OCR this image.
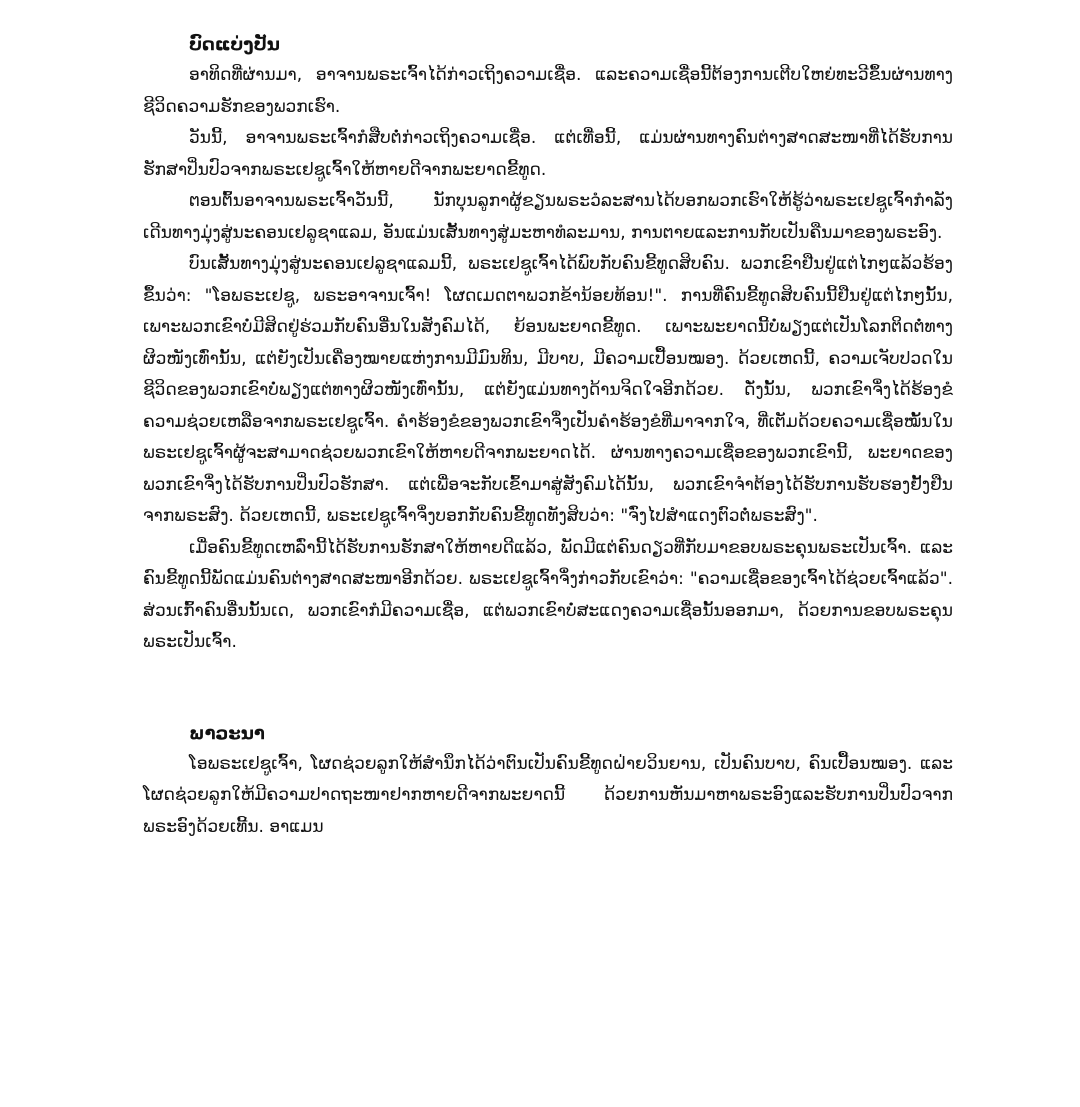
ບົດແບ່ງປັນ

ອາທິດທີ່ຜ່ານມາ, ອາຈານພຣະເຈົ້າໄດ້ກ່າວເຖິງຄວາມເຊື່ອ. ແລະຄວາມເຊື່ອນີ້ຕ້ອງການເຕີບໃຫຍ່ທະວີຂຶ້ນຜ່ານທາງຊີວິດຄວາມຮັກຂອງພວກເຮົາ.

ວັນນີ້, ອາຈານພຣະເຈົ້າກໍສືບຕໍ່ກ່າວເຖິງຄວາມເຊື່ອ. ແຕ່ເທື່ອນີ້, ແມ່ນຜ່ານທາງຄົນຕ່າງສາດສະໜາທີ່ໄດ້ຮັບການຮັກສາປິ່ນປົວຈາກພຣະເຢຊູເຈົ້າໃຫ້ຫາຍດີຈາກພະຍາດຂີ້ທູດ.

ຕອນຕົ້ນອາຈານພຣະເຈົ້າວັນນີ້, ນັກບຸນລູກາຜູ້ຂຽນພຣະວໍລະສານໄດ້ບອກພວກເຮົາໃຫ້ຮູ້ວ່າພຣະເຢຊູເຈົ້າກຳລັງເດີນທາງມຸ່ງສູ່ນະຄອນເຢລູຊາແລມ, ອັນແມ່ນເສັ້ນທາງສູ່ມະຫາທໍລະມານ, ການຕາຍແລະການກັບເປັນຄືນມາຂອງພຣະອົງ.

ບົນເສັ້ນທາງມຸ່ງສູ່ນະຄອນເຢລູຊາແລມນີ້, ພຣະເຢຊູເຈົ້າໄດ້ພົບກັບຄົນຂີ້ທູດສິບຄົນ. ພວກເຂົາຢືນຢູ່ແຕ່ໄກໆແລ້ວຮ້ອງຂຶ້ນວ່າ: "ໂອພຣະເຢຊູ, ພຣະອາຈານເຈົ້າ! ໂຜດເມດຕາພວກຂ້ານ້ອຍທ້ອນ!". ການທີ່ຄົນຂີ້ທູດສິບຄົນນີ້ຢືນຢູ່ແຕ່ໄກໆນັ້ນ, ເພາະພວກເຂົາບໍ່ມີສິດຢູ່ຮ່ວມກັບຄົນອື່ນໃນສັງຄົມໄດ້, ຍ້ອນພະຍາດຂີ້ທູດ. ເພາະພະຍາດນີ້ບໍ່ພຽງແຕ່ເປັນໂລກຕິດຕໍ່ທາງຜິວໜັງເທົ່ານັ້ນ, ແຕ່ຍັງເປັນເຄື່ອງໝາຍແຫ່ງການມີມົນທິນ, ມີບາບ, ມີຄວາມເປື້ອນໝອງ. ດ້ວຍເຫດນີ້, ຄວາມເຈັບປວດໃນຊີວິດຂອງພວກເຂົາບໍ່ພຽງແຕ່ທາງຜິວໜັງເທົ່ານັ້ນ, ແຕ່ຍັງແມ່ນທາງດ້ານຈິດໃຈອີກດ້ວຍ. ດັ່ງນັ້ນ, ພວກເຂົາຈຶ່ງໄດ້ຮ້ອງຂໍຄວາມຊ່ວຍເຫລືອຈາກພຣະເຢຊູເຈົ້າ. ຄຳຮ້ອງຂໍຂອງພວກເຂົາຈຶ່ງເປັນຄຳຮ້ອງຂໍທີ່ມາຈາກໃຈ, ທີ່ເຕັມດ້ວຍຄວາມເຊື່ອໝັ້ນໃນພຣະເຢຊູເຈົ້າຜູ້ຈະສາມາດຊ່ວຍພວກເຂົາໃຫ້ຫາຍດີຈາກພະຍາດໄດ້. ຜ່ານທາງຄວາມເຊື່ອຂອງພວກເຂົານີ້, ພະຍາດຂອງພວກເຂົາຈຶ່ງໄດ້ຮັບການປິ່ນປົວຮັກສາ. ແຕ່ເພື່ອຈະກັບເຂົ້າມາສູ່ສັງຄົມໄດ້ນັ້ນ, ພວກເຂົາຈຳຕ້ອງໄດ້ຮັບການຮັບຮອງຢັ້ງຢືນຈາກພຣະສົງ. ດ້ວຍເຫດນີ້, ພຣະເຢຊູເຈົ້າຈຶ່ງບອກກັບຄົນຂີ້ທູດທັງສິບວ່າ: "ຈົ່ງໄປສຳແດງຕົວຕໍ່ພຣະສົງ".

ເມື່ອຄົນຂີ້ທູດເຫລົ່ານີ້ໄດ້ຮັບການຮັກສາໃຫ້ຫາຍດີແລ້ວ, ພັດມີແຕ່ຄົນດຽວທີ່ກັບມາຂອບພຣະຄຸນພຣະເປັນເຈົ້າ. ແລະຄົນຂີ້ທູດນີ້ພັດແມ່ນຄົນຕ່າງສາດສະໜາອີກດ້ວຍ. ພຣະເຢຊູເຈົ້າຈຶ່ງກ່າວກັບເຂົາວ່າ: "ຄວາມເຊື່ອຂອງເຈົ້າໄດ້ຊ່ວຍເຈົ້າແລ້ວ". ສ່ວນເກົ້າຄົນອື່ນນັ້ນເດ, ພວກເຂົາກໍມີຄວາມເຊື່ອ, ແຕ່ພວກເຂົາບໍ່ສະແດງຄວາມເຊື່ອນັ້ນອອກມາ, ດ້ວຍການຂອບພຣະຄຸນພຣະເປັນເຈົ້າ.

ພາວະນາ

ໂອພຣະເຢຊູເຈົ້າ, ໂຜດຊ່ວຍລູກໃຫ້ສຳນຶກໄດ້ວ່າຕົນເປັນຄົນຂີ້ທູດຝ່າຍວິນຍານ, ເປັນຄົນບາບ, ຄົນເປື້ອນໝອງ. ແລະໂຜດຊ່ວຍລູກໃຫ້ມີຄວາມປາດຖະໜາຢາກຫາຍດີຈາກພະຍາດນີ້ ດ້ວຍການຫັນມາຫາພຣະອົງແລະຮັບການປິ່ນປົວຈາກພຣະອົງດ້ວຍເທີ້ນ. ອາແມນ
